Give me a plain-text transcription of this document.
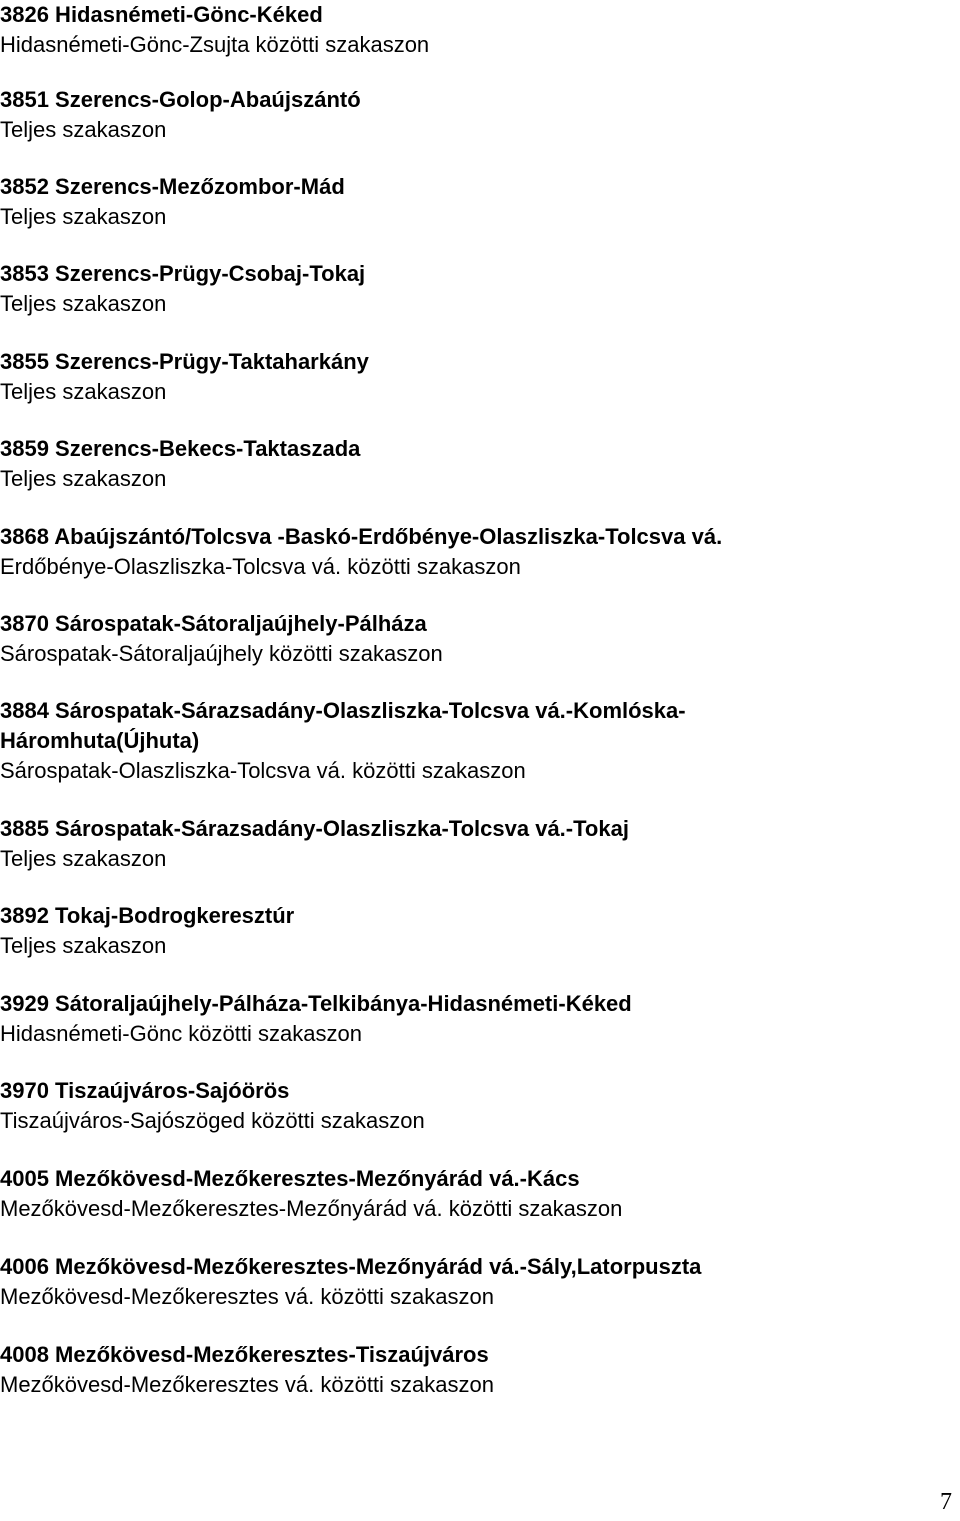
3826 Hidasnémeti-Gönc-Kéked
Hidasnémeti-Gönc-Zsujta közötti szakaszon
3851 Szerencs-Golop-Abaújszántó
Teljes szakaszon
3852 Szerencs-Mezőzombor-Mád
Teljes szakaszon
3853 Szerencs-Prügy-Csobaj-Tokaj
Teljes szakaszon
3855 Szerencs-Prügy-Taktaharkány
Teljes szakaszon
3859 Szerencs-Bekecs-Taktaszada
Teljes szakaszon
3868 Abaújszántó/Tolcsva -Baskó-Erdőbénye-Olaszliszka-Tolcsva vá.
Erdőbénye-Olaszliszka-Tolcsva vá. közötti szakaszon
3870 Sárospatak-Sátoraljaújhely-Pálháza
Sárospatak-Sátoraljaújhely közötti szakaszon
3884 Sárospatak-Sárazsadány-Olaszliszka-Tolcsva vá.-Komlóska-
Háromhuta(Újhuta)
Sárospatak-Olaszliszka-Tolcsva vá. közötti szakaszon
3885 Sárospatak-Sárazsadány-Olaszliszka-Tolcsva vá.-Tokaj
Teljes szakaszon
3892 Tokaj-Bodrogkeresztúr
Teljes szakaszon
3929 Sátoraljaújhely-Pálháza-Telkibánya-Hidasnémeti-Kéked
Hidasnémeti-Gönc közötti szakaszon
3970 Tiszaújváros-Sajóörös
Tiszaújváros-Sajószöged közötti szakaszon
4005 Mezőkövesd-Mezőkeresztes-Mezőnyárád vá.-Kács
Mezőkövesd-Mezőkeresztes-Mezőnyárád vá. közötti szakaszon
4006 Mezőkövesd-Mezőkeresztes-Mezőnyárád vá.-Sály,Latorpuszta
Mezőkövesd-Mezőkeresztes vá. közötti szakaszon
4008 Mezőkövesd-Mezőkeresztes-Tiszaújváros
Mezőkövesd-Mezőkeresztes vá. közötti szakaszon
7
